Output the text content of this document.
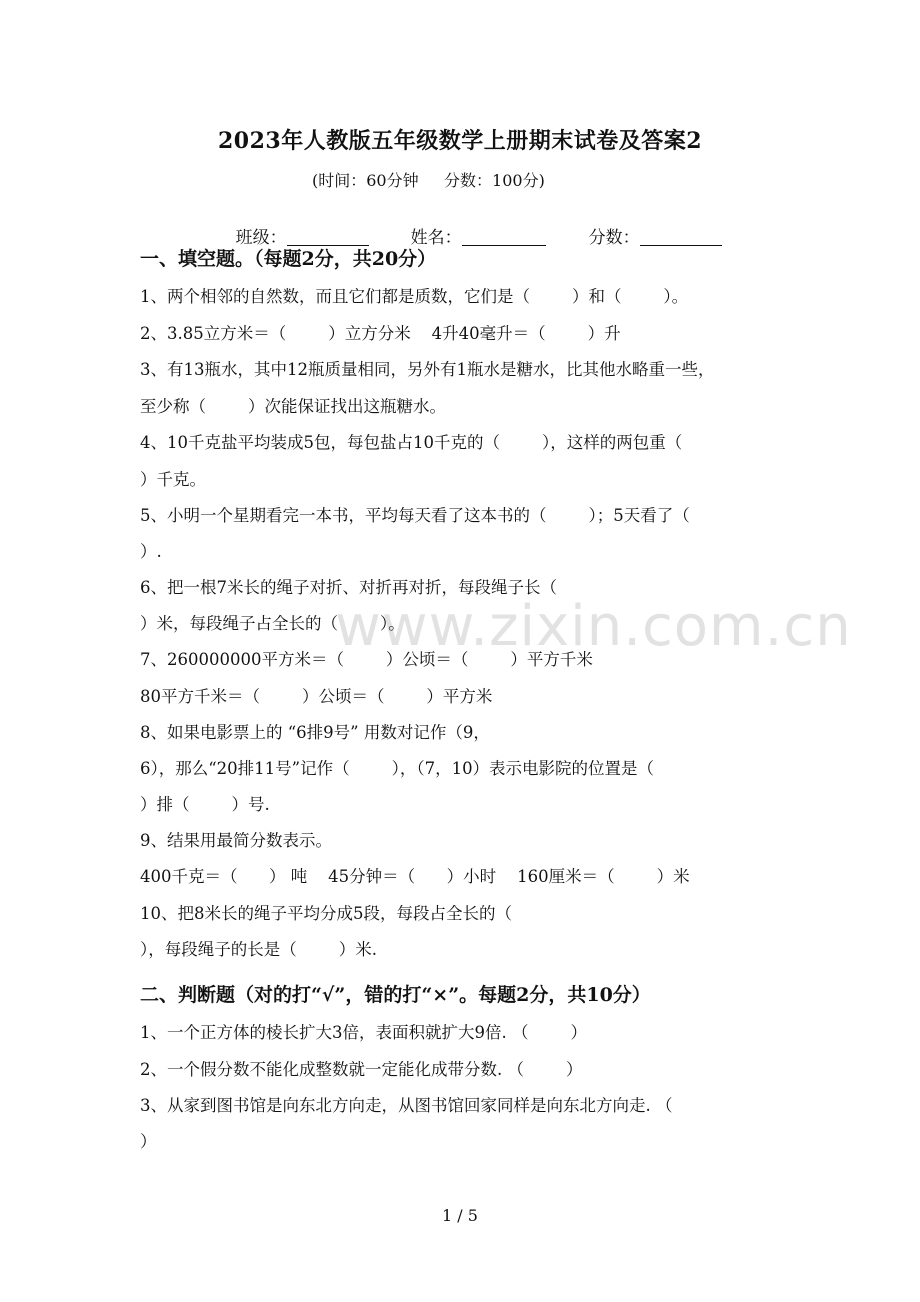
www.zixin.com.cn
2023年人教版五年级数学上册期末试卷及答案2
(时间：60分钟     分数：100分)

班级：
	姓名：
	分数：

一、填空题。（每题2分，共20分）
1、两个相邻的自然数，而且它们都是质数，它们是（        ）和（        ）。
2、3.85立方米＝（        ）立方分米    4升40毫升＝（        ）升
3、有13瓶水，其中12瓶质量相同，另外有1瓶水是糖水，比其他水略重一些，
至少称（        ）次能保证找出这瓶糖水。
4、10千克盐平均装成5包，每包盐占10千克的（        ），这样的两包重（
）千克。
5、小明一个星期看完一本书，平均每天看了这本书的（        ）；5天看了（
）.
6、把一根7米长的绳子对折、对折再对折，每段绳子长（
）米，每段绳子占全长的（        ）。
7、260000000平方米＝（        ）公顷＝（        ）平方千米
80平方千米＝（        ）公顷＝（        ）平方米
8、如果电影票上的 “6排9号” 用数对记作（9，
6），那么“20排11号”记作（        ），（7，10）表示电影院的位置是（
）排（        ）号.
9、结果用最简分数表示。
400千克＝（      ） 吨    45分钟＝（      ）小时    160厘米＝（        ）米
10、把8米长的绳子平均分成5段，每段占全长的（
），每段绳子的长是（        ）米.
二、判断题（对的打“√”，错的打“×”。每题2分，共10分）
1、一个正方体的棱长扩大3倍，表面积就扩大9倍. （        ）
2、一个假分数不能化成整数就一定能化成带分数. （        ）
3、从家到图书馆是向东北方向走，从图书馆回家同样是向东北方向走. （
）
1 / 5
